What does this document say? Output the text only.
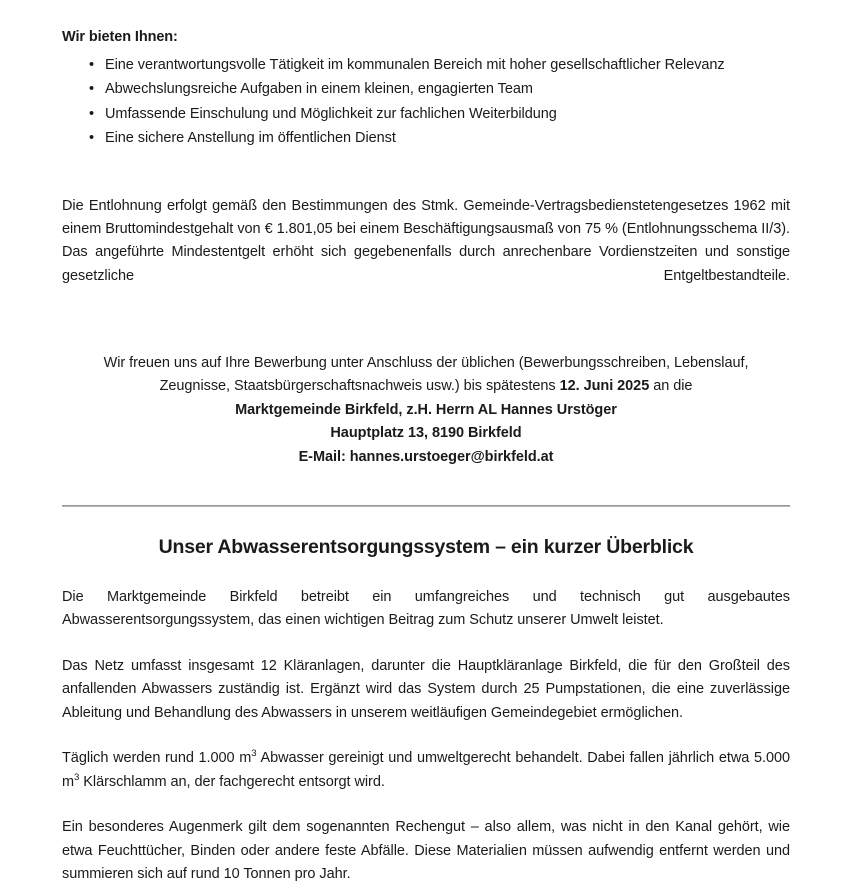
Wir bieten Ihnen:
• Eine verantwortungsvolle Tätigkeit im kommunalen Bereich mit hoher gesellschaftlicher Relevanz
• Abwechslungsreiche Aufgaben in einem kleinen, engagierten Team
• Umfassende Einschulung und Möglichkeit zur fachlichen Weiterbildung
• Eine sichere Anstellung im öffentlichen Dienst

Die Entlohnung erfolgt gemäß den Bestimmungen des Stmk. Gemeinde-Vertragsbedienstetengesetzes 1962 mit einem Bruttomindestgehalt von € 1.801,05 bei einem Beschäftigungsausmaß von 75 % (Entlohnungsschema II/3). Das angeführte Mindestentgelt erhöht sich gegebenenfalls durch anrechenbare Vordienstzeiten und sonstige gesetzliche Entgeltbestandteile.

Wir freuen uns auf Ihre Bewerbung unter Anschluss der üblichen (Bewerbungsschreiben, Lebenslauf, Zeugnisse, Staatsbürgerschaftsnachweis usw.) bis spätestens 12. Juni 2025 an die
Marktgemeinde Birkfeld, z.H. Herrn AL Hannes Urstöger
Hauptplatz 13, 8190 Birkfeld
E-Mail: hannes.urstoeger@birkfeld.at
Unser Abwasserentsorgungssystem – ein kurzer Überblick

Die Marktgemeinde Birkfeld betreibt ein umfangreiches und technisch gut ausgebautes Abwasserentsorgungssystem, das einen wichtigen Beitrag zum Schutz unserer Umwelt leistet.

Das Netz umfasst insgesamt 12 Kläranlagen, darunter die Hauptkläranlage Birkfeld, die für den Großteil des anfallenden Abwassers zuständig ist. Ergänzt wird das System durch 25 Pumpstationen, die eine zuverlässige Ableitung und Behandlung des Abwassers in unserem weitläufigen Gemeindegebiet ermöglichen.

Täglich werden rund 1.000 $m^3$ Abwasser gereinigt und umweltgerecht behandelt. Dabei fallen jährlich etwa 5.000 $m^3$ Klärschlamm an, der fachgerecht entsorgt wird.

Ein besonderes Augenmerk gilt dem sogenannten Rechengut – also allem, was nicht in den Kanal gehört, wie etwa Feuchttücher, Binden oder andere feste Abfälle. Diese Materialien müssen aufwendig entfernt werden und summieren sich auf rund 10 Tonnen pro Jahr.
